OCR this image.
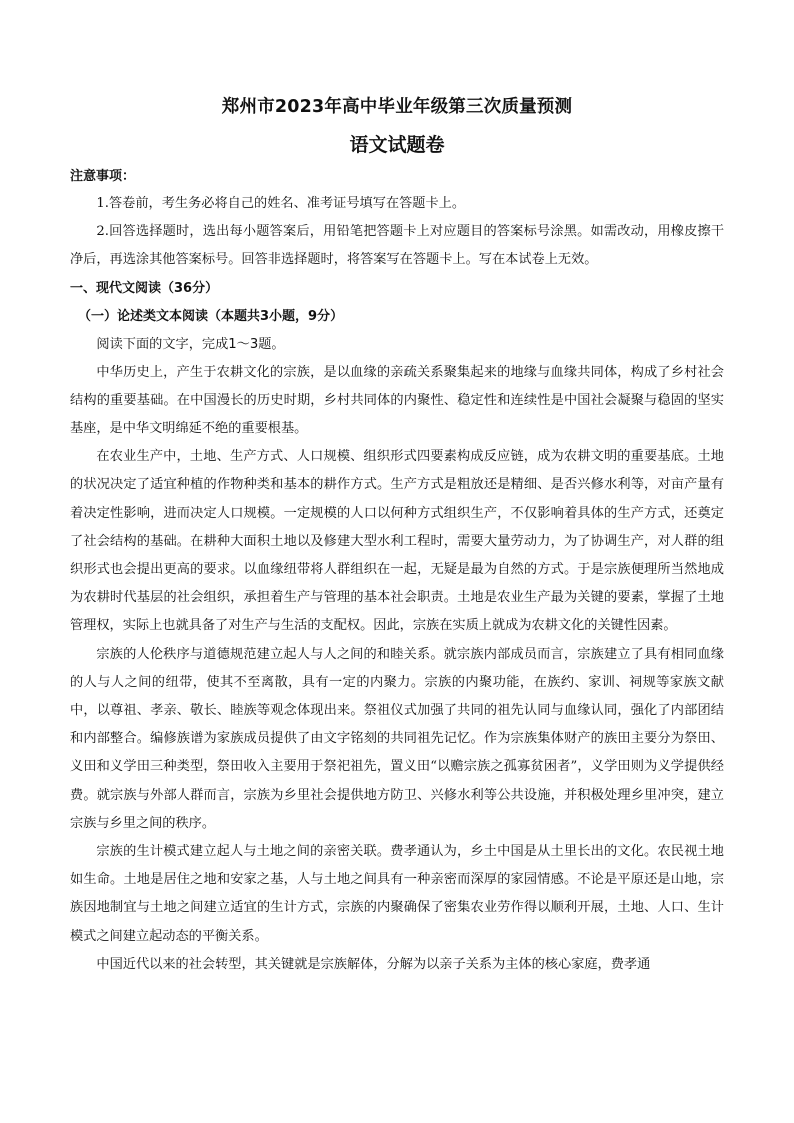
郑州市2023年高中毕业年级第三次质量预测
语文试题卷
注意事项：

1.答卷前，考生务必将自己的姓名、准考证号填写在答题卡上。

2.回答选择题时，选出每小题答案后，用铅笔把答题卡上对应题目的答案标号涂黑。如需改动，用橡皮擦干净后，再选涂其他答案标号。回答非选择题时，将答案写在答题卡上。写在本试卷上无效。

一、现代文阅读（36分）
（一）论述类文本阅读（本题共3小题，9分）
阅读下面的文字，完成1～3题。

中华历史上，产生于农耕文化的宗族，是以血缘的亲疏关系聚集起来的地缘与血缘共同体，构成了乡村社会结构的重要基础。在中国漫长的历史时期，乡村共同体的内聚性、稳定性和连续性是中国社会凝聚与稳固的坚实基座，是中华文明绵延不绝的重要根基。

在农业生产中，土地、生产方式、人口规模、组织形式四要素构成反应链，成为农耕文明的重要基底。土地的状况决定了适宜种植的作物种类和基本的耕作方式。生产方式是粗放还是精细、是否兴修水利等，对亩产量有着决定性影响，进而决定人口规模。一定规模的人口以何种方式组织生产，不仅影响着具体的生产方式，还奠定了社会结构的基础。在耕种大面积土地以及修建大型水利工程时，需要大量劳动力，为了协调生产，对人群的组织形式也会提出更高的要求。以血缘纽带将人群组织在一起，无疑是最为自然的方式。于是宗族便理所当然地成为农耕时代基层的社会组织，承担着生产与管理的基本社会职责。土地是农业生产最为关键的要素，掌握了土地管理权，实际上也就具备了对生产与生活的支配权。因此，宗族在实质上就成为农耕文化的关键性因素。

宗族的人伦秩序与道德规范建立起人与人之间的和睦关系。就宗族内部成员而言，宗族建立了具有相同血缘的人与人之间的纽带，使其不至离散，具有一定的内聚力。宗族的内聚功能，在族约、家训、祠规等家族文献中，以尊祖、孝亲、敬长、睦族等观念体现出来。祭祖仪式加强了共同的祖先认同与血缘认同，强化了内部团结和内部整合。编修族谱为家族成员提供了由文字铭刻的共同祖先记忆。作为宗族集体财产的族田主要分为祭田、义田和义学田三种类型，祭田收入主要用于祭祀祖先，置义田“以赡宗族之孤寡贫困者”，义学田则为义学提供经费。就宗族与外部人群而言，宗族为乡里社会提供地方防卫、兴修水利等公共设施，并积极处理乡里冲突，建立宗族与乡里之间的秩序。

宗族的生计模式建立起人与土地之间的亲密关联。费孝通认为，乡土中国是从土里长出的文化。农民视土地如生命。土地是居住之地和安家之基，人与土地之间具有一种亲密而深厚的家园情感。不论是平原还是山地，宗族因地制宜与土地之间建立适宜的生计方式，宗族的内聚确保了密集农业劳作得以顺利开展，土地、人口、生计模式之间建立起动态的平衡关系。

中国近代以来的社会转型，其关键就是宗族解体，分解为以亲子关系为主体的核心家庭，费孝通
